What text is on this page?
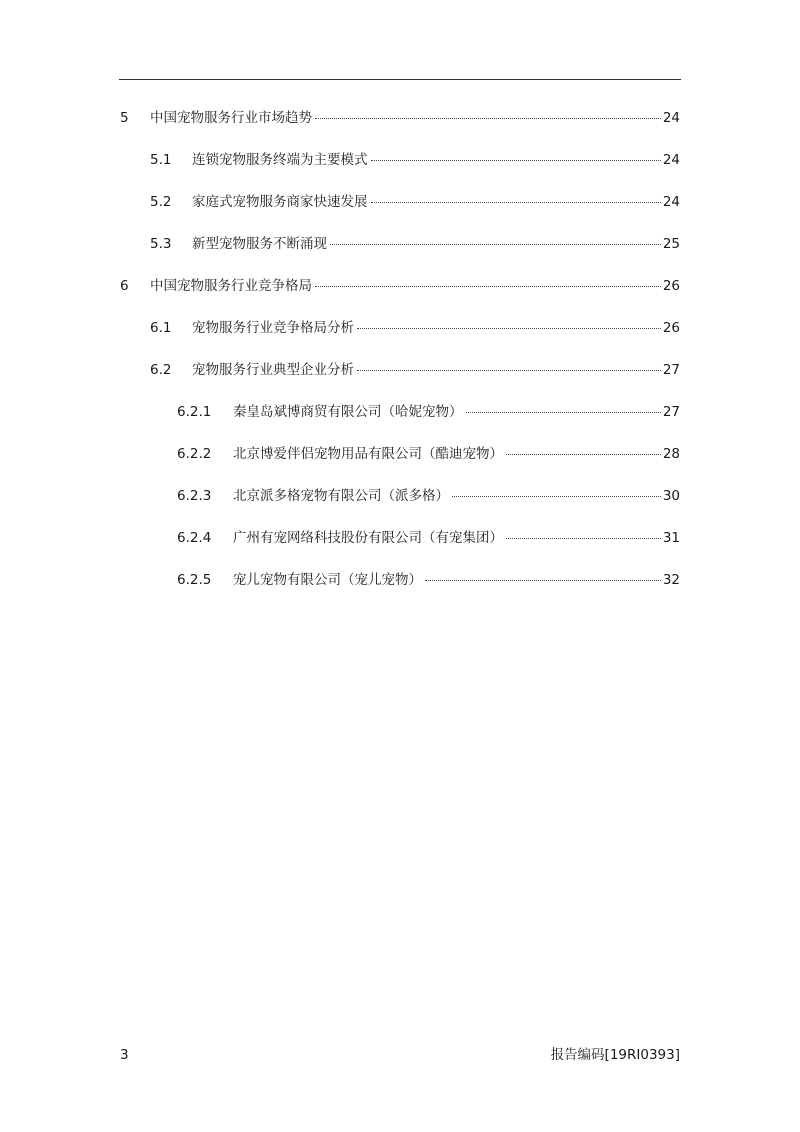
5 中国宠物服务行业市场趋势	24
5.1 连锁宠物服务终端为主要模式	24
5.2 家庭式宠物服务商家快速发展	24
5.3 新型宠物服务不断涌现	25
6 中国宠物服务行业竞争格局	26
6.1 宠物服务行业竞争格局分析	26
6.2 宠物服务行业典型企业分析	27
6.2.1 秦皇岛斌博商贸有限公司（哈妮宠物）	27
6.2.2 北京博爱伴侣宠物用品有限公司（酷迪宠物）	28
6.2.3 北京派多格宠物有限公司（派多格）	30
6.2.4 广州有宠网络科技股份有限公司（有宠集团）	31
6.2.5 宠儿宠物有限公司（宠儿宠物）	32
3	报告编码[19RI0393]
